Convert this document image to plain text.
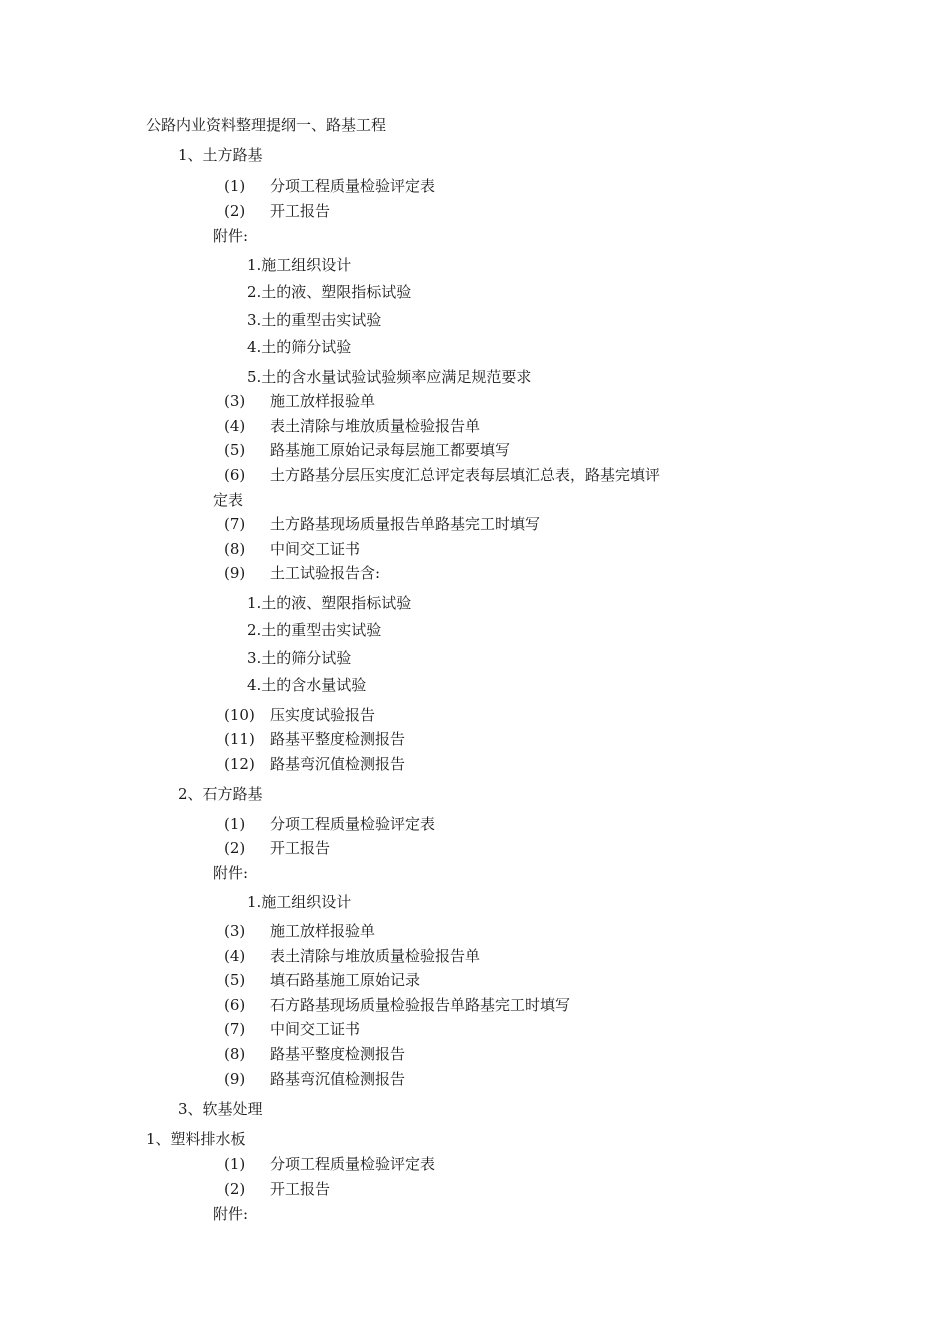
公路内业资料整理提纲一、路基工程
1、土方路基
(1) 分项工程质量检验评定表
(2) 开工报告
附件:
1.施工组织设计
2.土的液、塑限指标试验
3.土的重型击实试验
4.土的筛分试验
5.土的含水量试验试验频率应满足规范要求
(3) 施工放样报验单
(4) 表土清除与堆放质量检验报告单
(5) 路基施工原始记录每层施工都要填写
(6) 土方路基分层压实度汇总评定表每层填汇总表，路基完填评
定表
(7) 土方路基现场质量报告单路基完工时填写
(8) 中间交工证书
(9) 土工试验报告含:
1.土的液、塑限指标试验
2.土的重型击实试验
3.土的筛分试验
4.土的含水量试验
(10) 压实度试验报告
(11) 路基平整度检测报告
(12) 路基弯沉值检测报告
2、石方路基
(1) 分项工程质量检验评定表
(2) 开工报告
附件:
1.施工组织设计
(3) 施工放样报验单
(4) 表土清除与堆放质量检验报告单
(5) 填石路基施工原始记录
(6) 石方路基现场质量检验报告单路基完工时填写
(7) 中间交工证书
(8) 路基平整度检测报告
(9) 路基弯沉值检测报告
3、软基处理
1、塑料排水板
(1) 分项工程质量检验评定表
(2) 开工报告
附件:
